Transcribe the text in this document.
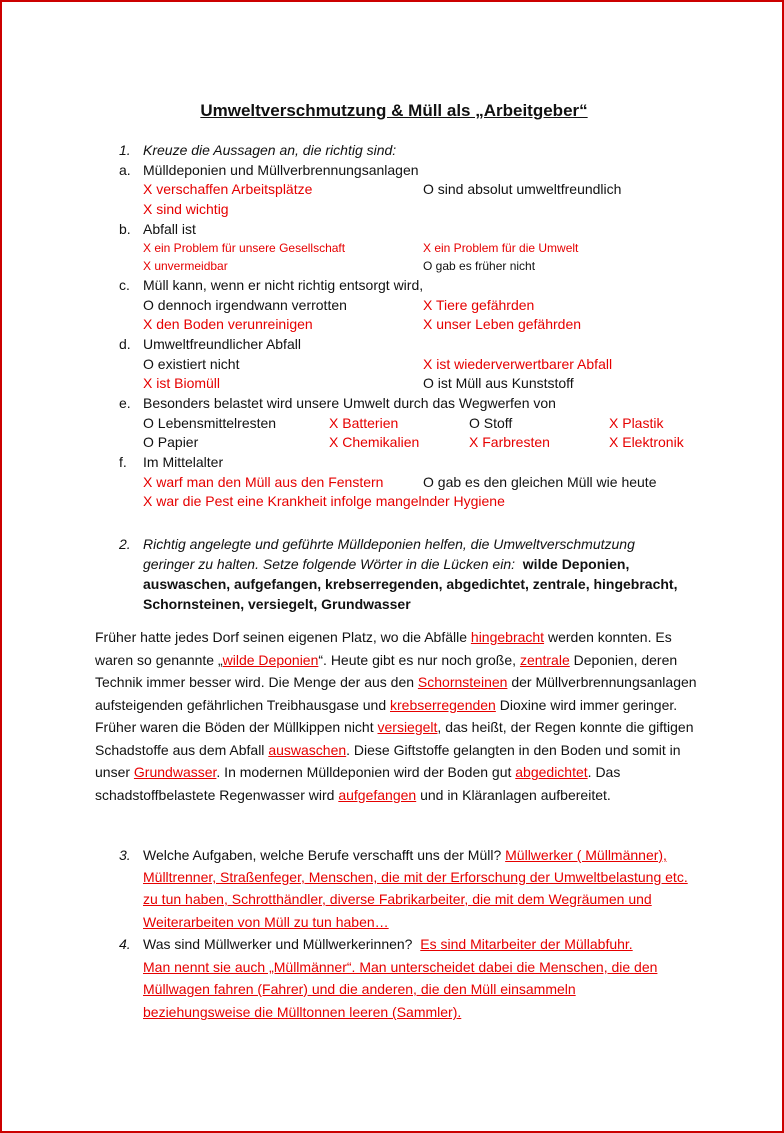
Umweltverschmutzung & Müll als „Arbeitgeber“
1. Kreuze die Aussagen an, die richtig sind:
a. Mülldeponien und Müllverbrennungsanlagen
X verschaffen Arbeitsplätze	O sind absolut umweltfreundlich
X sind wichtig
b. Abfall ist
X ein Problem für unsere Gesellschaft	X ein Problem für die Umwelt
X unvermeidbar	O gab es früher nicht
c. Müll kann, wenn er nicht richtig entsorgt wird,
O dennoch irgendwann verrotten	X Tiere gefährden
X den Boden verunreinigen	X unser Leben gefährden
d. Umweltfreundlicher Abfall
O existiert nicht	X ist wiederverwertbarer Abfall
X ist Biomüll	O ist Müll aus Kunststoff
e. Besonders belastet wird unsere Umwelt durch das Wegwerfen von
O Lebensmittelresten	X Batterien	O Stoff	X Plastik
O Papier	X Chemikalien	X Farbresten	X Elektronik
f. Im Mittelalter
X warf man den Müll aus den Fenstern	O gab es den gleichen Müll wie heute
X war die Pest eine Krankheit infolge mangelnder Hygiene
2. Richtig angelegte und geführte Mülldeponien helfen, die Umweltverschmutzung
geringer zu halten. Setze folgende Wörter in die Lücken ein: wilde Deponien,
auswaschen, aufgefangen, krebserregenden, abgedichtet, zentrale, hingebracht,
Schornsteinen, versiegelt, Grundwasser
Früher hatte jedes Dorf seinen eigenen Platz, wo die Abfälle hingebracht werden konnten. Es waren so genannte „wilde Deponien“. Heute gibt es nur noch große, zentrale Deponien, deren Technik immer besser wird. Die Menge der aus den Schornsteinen der Müllverbrennungsanlagen aufsteigenden gefährlichen Treibhausgase und krebserregenden Dioxine wird immer geringer. Früher waren die Böden der Müllkippen nicht versiegelt, das heißt, der Regen konnte die giftigen Schadstoffe aus dem Abfall auswaschen. Diese Giftstoffe gelangten in den Boden und somit in unser Grundwasser. In modernen Mülldeponien wird der Boden gut abgedichtet. Das schadstoffbelastete Regenwasser wird aufgefangen und in Kläranlagen aufbereitet.
3. Welche Aufgaben, welche Berufe verschafft uns der Müll? Müllwerker ( Müllmänner),
Mülltrenner, Straßenfeger, Menschen, die mit der Erforschung der Umweltbelastung etc.
zu tun haben, Schrotthändler, diverse Fabrikarbeiter, die mit dem Wegräumen und
Weiterarbeiten von Müll zu tun haben…
4. Was sind Müllwerker und Müllwerkerinnen? Es sind Mitarbeiter der Müllabfuhr.
Man nennt sie auch „Müllmänner“. Man unterscheidet dabei die Menschen, die den
Müllwagen fahren (Fahrer) und die anderen, die den Müll einsammeln
beziehungsweise die Mülltonnen leeren (Sammler).
